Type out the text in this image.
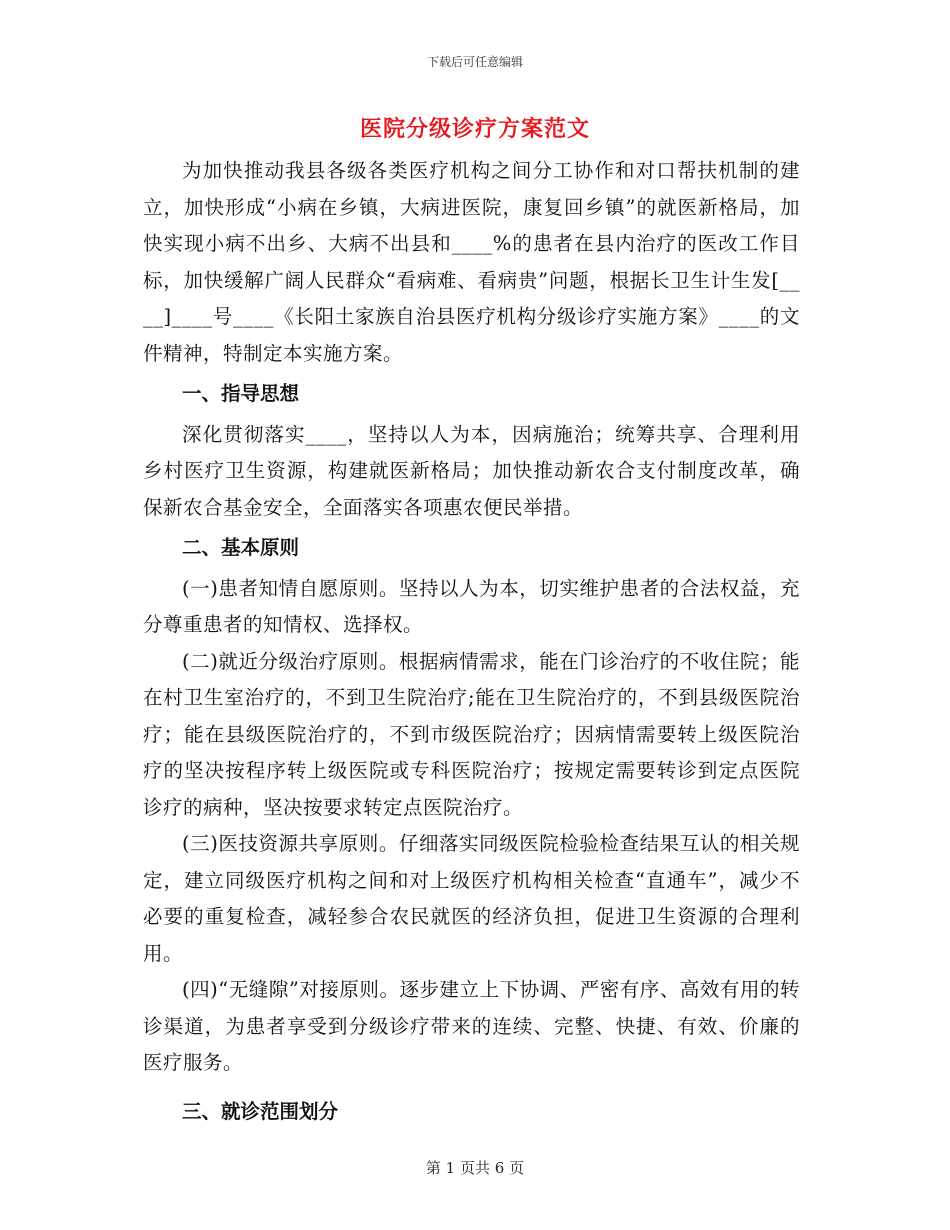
下载后可任意编辑
医院分级诊疗方案范文

为加快推动我县各级各类医疗机构之间分工协作和对口帮扶机制的建立，加快形成“小病在乡镇，大病进医院，康复回乡镇”的就医新格局，加快实现小病不出乡、大病不出县和____%的患者在县内治疗的医改工作目标，加快缓解广阔人民群众“看病难、看病贵”问题，根据长卫生计生发[____]____号____《长阳土家族自治县医疗机构分级诊疗实施方案》____的文件精神，特制定本实施方案。

一、指导思想

深化贯彻落实____，坚持以人为本，因病施治；统筹共享、合理利用乡村医疗卫生资源，构建就医新格局；加快推动新农合支付制度改革，确保新农合基金安全，全面落实各项惠农便民举措。

二、基本原则

(一)患者知情自愿原则。坚持以人为本，切实维护患者的合法权益，充分尊重患者的知情权、选择权。

(二)就近分级治疗原则。根据病情需求，能在门诊治疗的不收住院；能在村卫生室治疗的，不到卫生院治疗;能在卫生院治疗的，不到县级医院治疗；能在县级医院治疗的，不到市级医院治疗；因病情需要转上级医院治疗的坚决按程序转上级医院或专科医院治疗；按规定需要转诊到定点医院诊疗的病种，坚决按要求转定点医院治疗。

(三)医技资源共享原则。仔细落实同级医院检验检查结果互认的相关规定，建立同级医疗机构之间和对上级医疗机构相关检查“直通车”，减少不必要的重复检查，减轻参合农民就医的经济负担，促进卫生资源的合理利用。

(四)“无缝隙”对接原则。逐步建立上下协调、严密有序、高效有用的转诊渠道，为患者享受到分级诊疗带来的连续、完整、快捷、有效、价廉的医疗服务。

三、就诊范围划分
第 1 页共 6 页
